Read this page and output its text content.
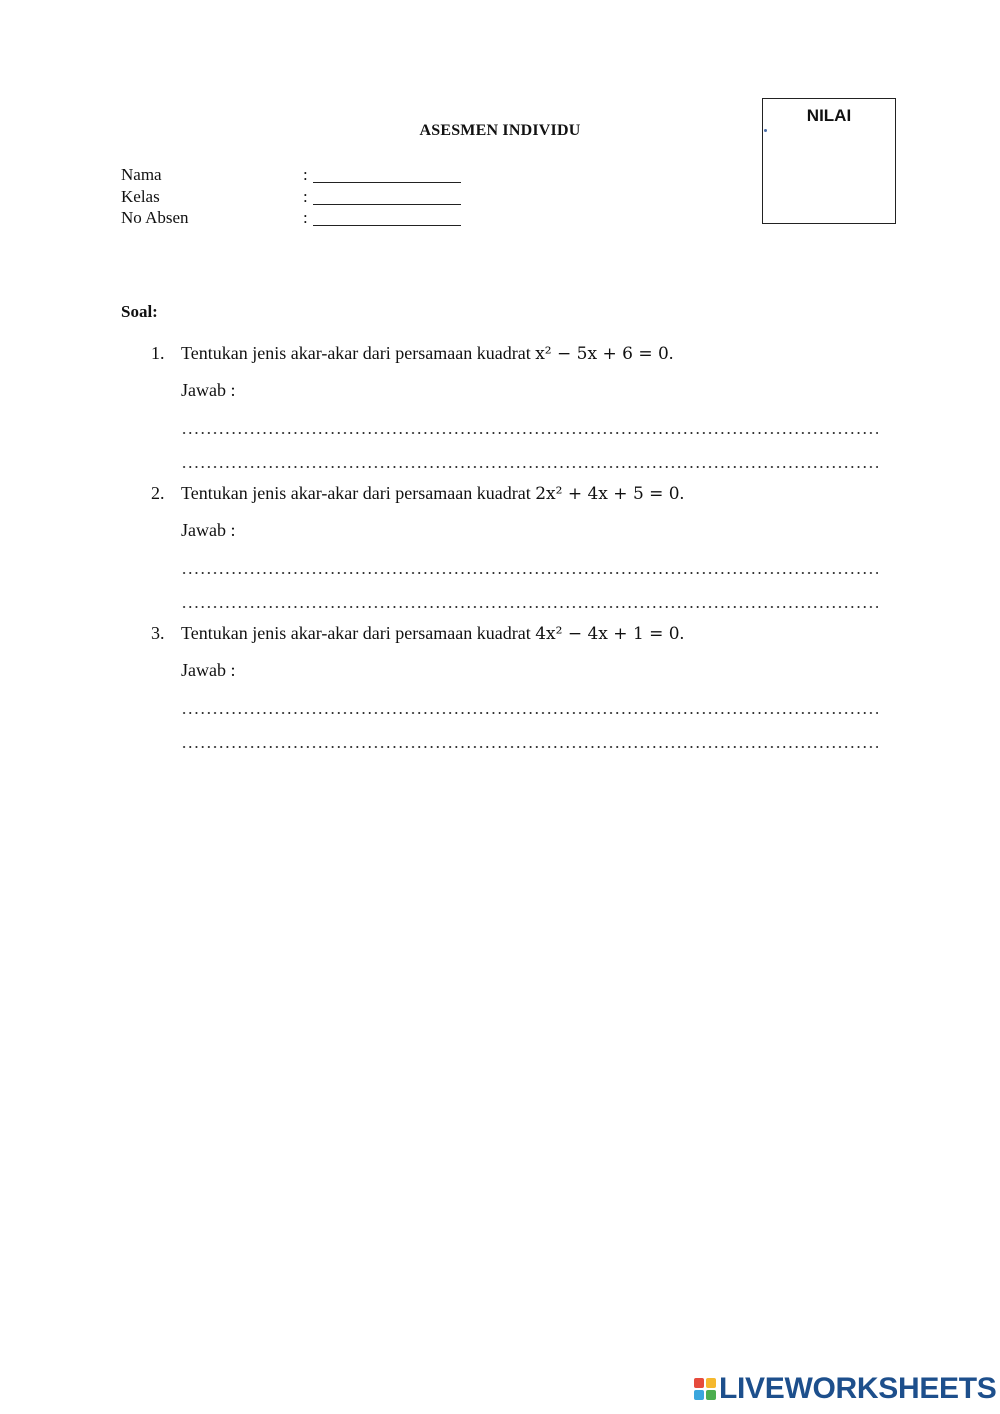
ASESMEN INDIVIDU
NILAI
Nama	:
Kelas	:
No Absen	:
Soal:
1. Tentukan jenis akar-akar dari persamaan kuadrat x² − 5x + 6 = 0.
Jawab :
2. Tentukan jenis akar-akar dari persamaan kuadrat 2x² + 4x + 5 = 0.
Jawab :
3. Tentukan jenis akar-akar dari persamaan kuadrat 4x² − 4x + 1 = 0.
Jawab :
LIVEWORKSHEETS
